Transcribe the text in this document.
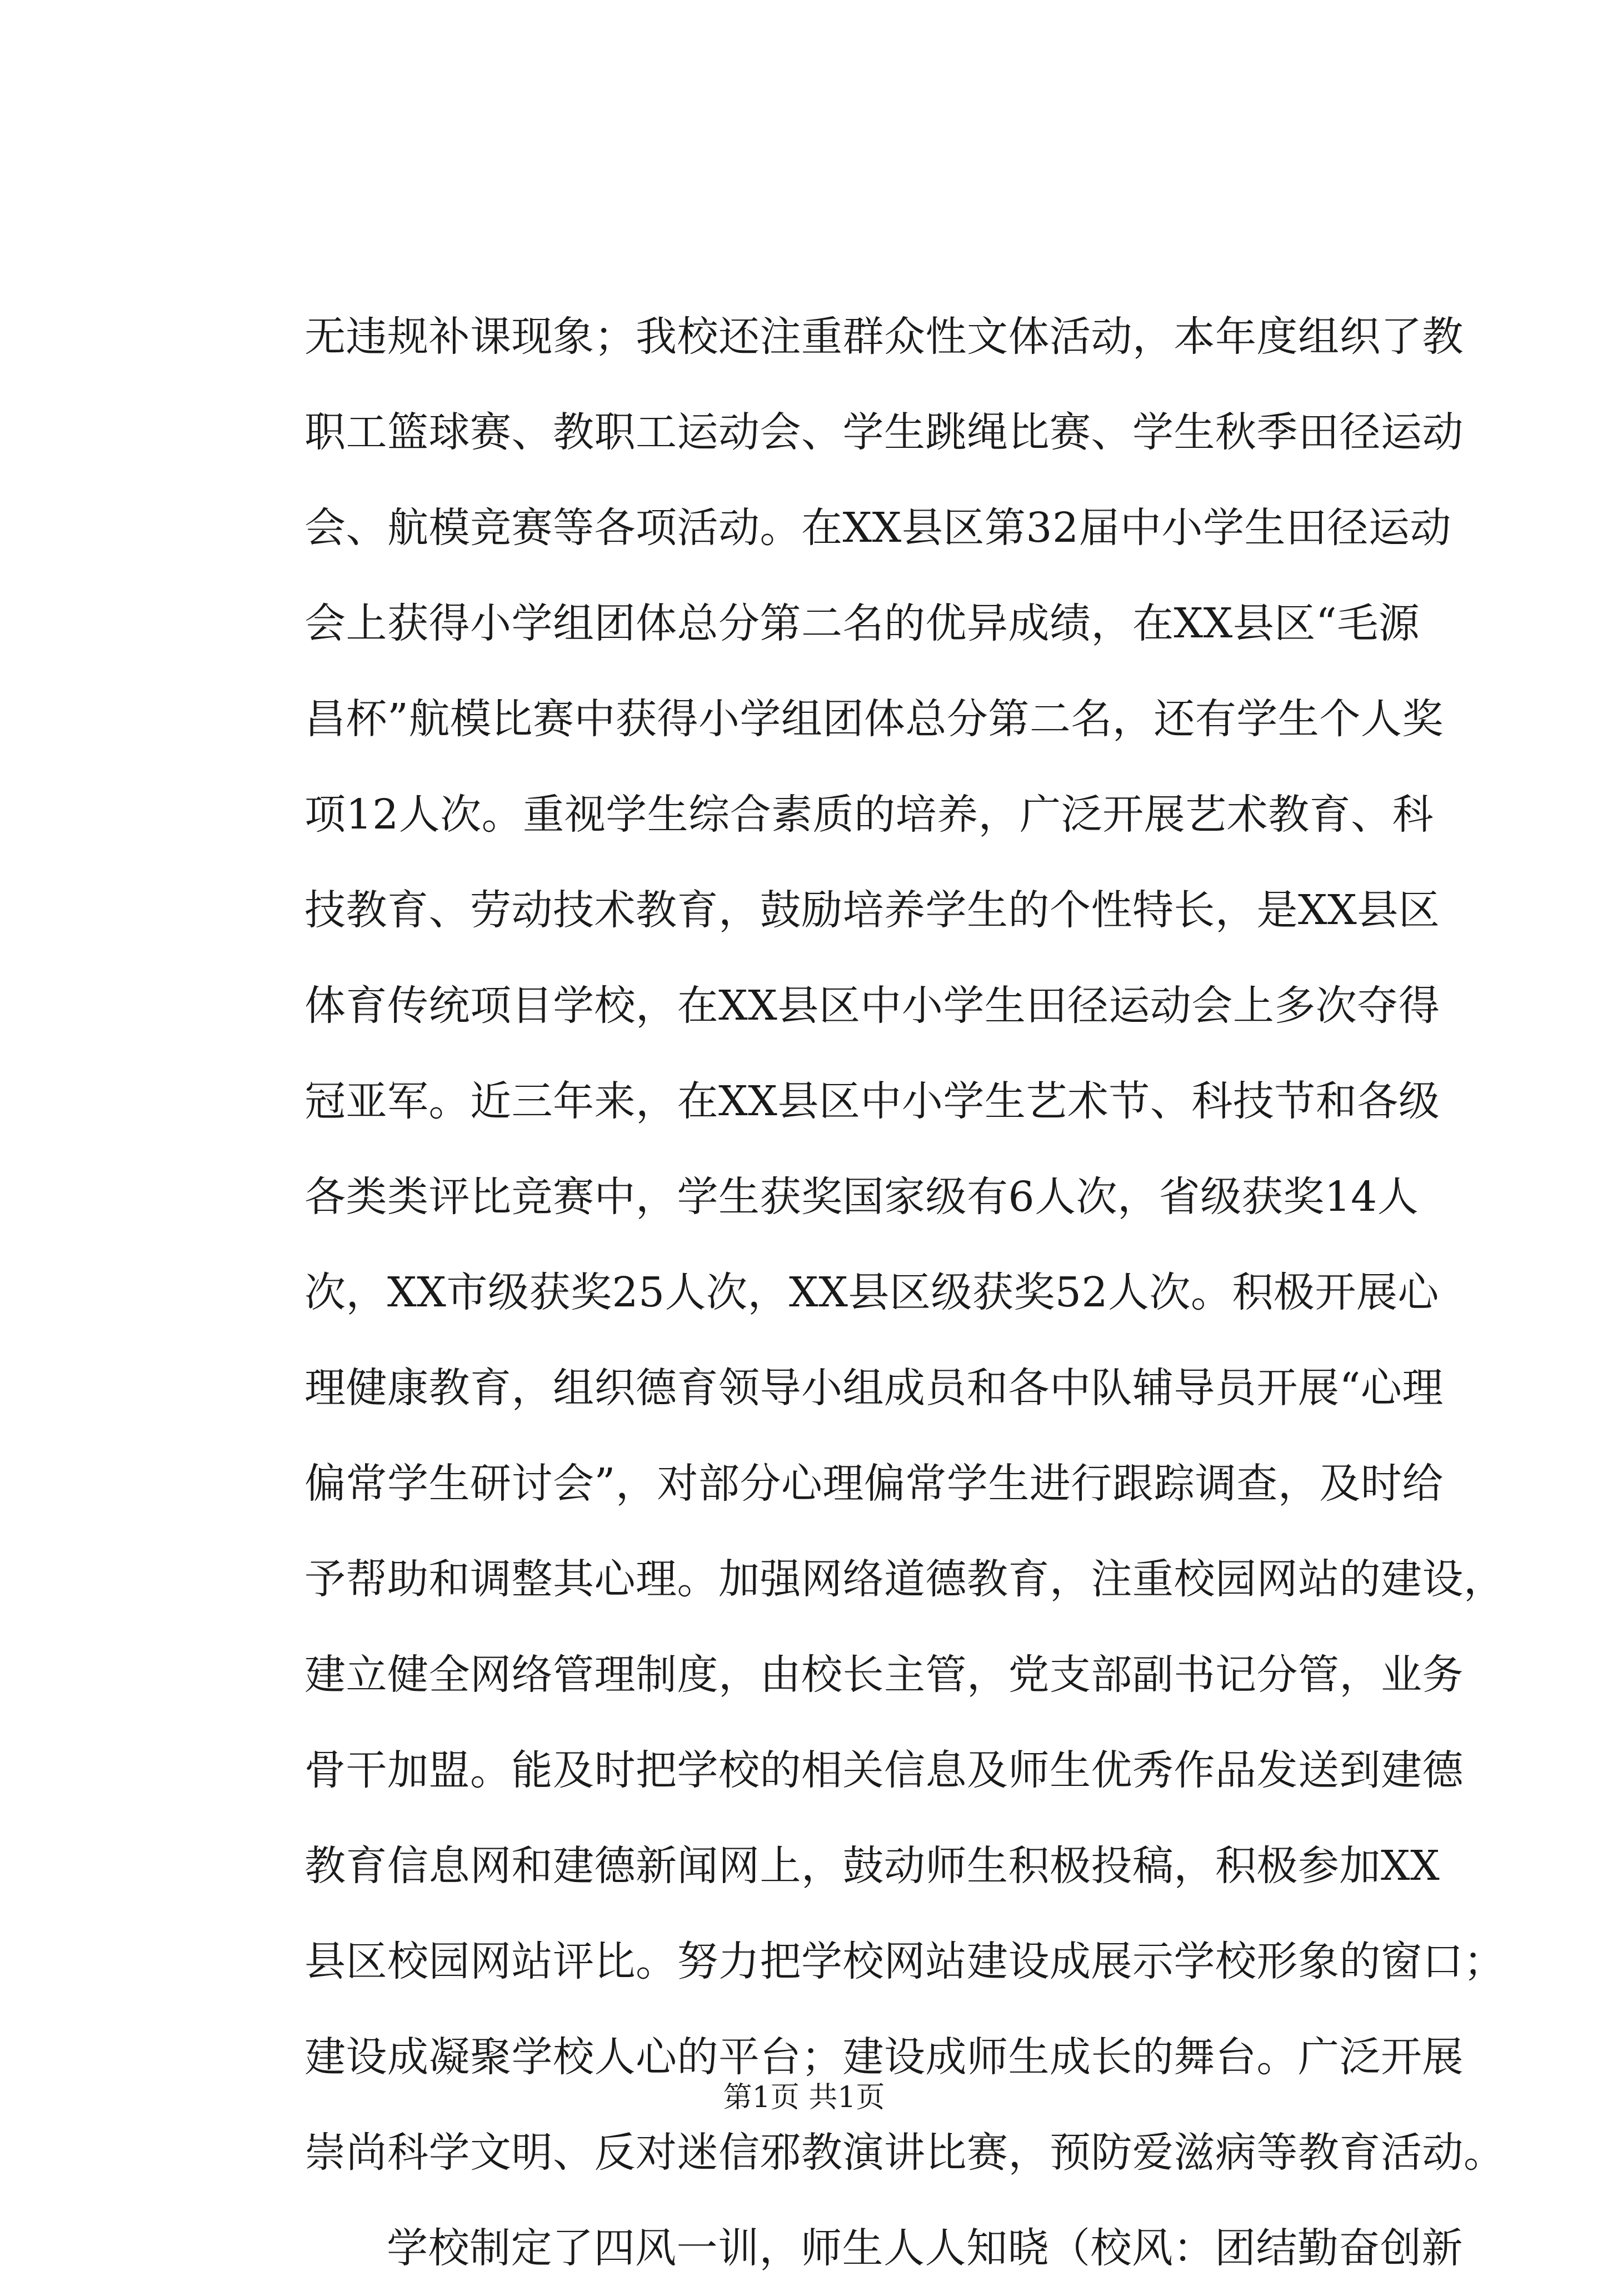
无违规补课现象；我校还注重群众性文体活动，本年度组织了教
职工篮球赛、教职工运动会、学生跳绳比赛、学生秋季田径运动
会、航模竞赛等各项活动。在XX县区第32届中小学生田径运动
会上获得小学组团体总分第二名的优异成绩，在XX县区“毛源
昌杯”航模比赛中获得小学组团体总分第二名，还有学生个人奖
项12人次。重视学生综合素质的培养，广泛开展艺术教育、科
技教育、劳动技术教育，鼓励培养学生的个性特长，是XX县区
体育传统项目学校，在XX县区中小学生田径运动会上多次夺得
冠亚军。近三年来，在XX县区中小学生艺术节、科技节和各级
各类类评比竞赛中，学生获奖国家级有6人次，省级获奖14人
次，XX市级获奖25人次，XX县区级获奖52人次。积极开展心
理健康教育，组织德育领导小组成员和各中队辅导员开展“心理
偏常学生研讨会”，对部分心理偏常学生进行跟踪调查，及时给
予帮助和调整其心理。加强网络道德教育，注重校园网站的建设，
建立健全网络管理制度，由校长主管，党支部副书记分管，业务
骨干加盟。能及时把学校的相关信息及师生优秀作品发送到建德
教育信息网和建德新闻网上，鼓动师生积极投稿，积极参加XX
县区校园网站评比。努力把学校网站建设成展示学校形象的窗口；
建设成凝聚学校人心的平台；建设成师生成长的舞台。广泛开展
崇尚科学文明、反对迷信邪教演讲比赛，预防爱滋病等教育活动。
学校制定了四风一训，师生人人知晓（校风：团结勤奋创新
第1页 共1页
